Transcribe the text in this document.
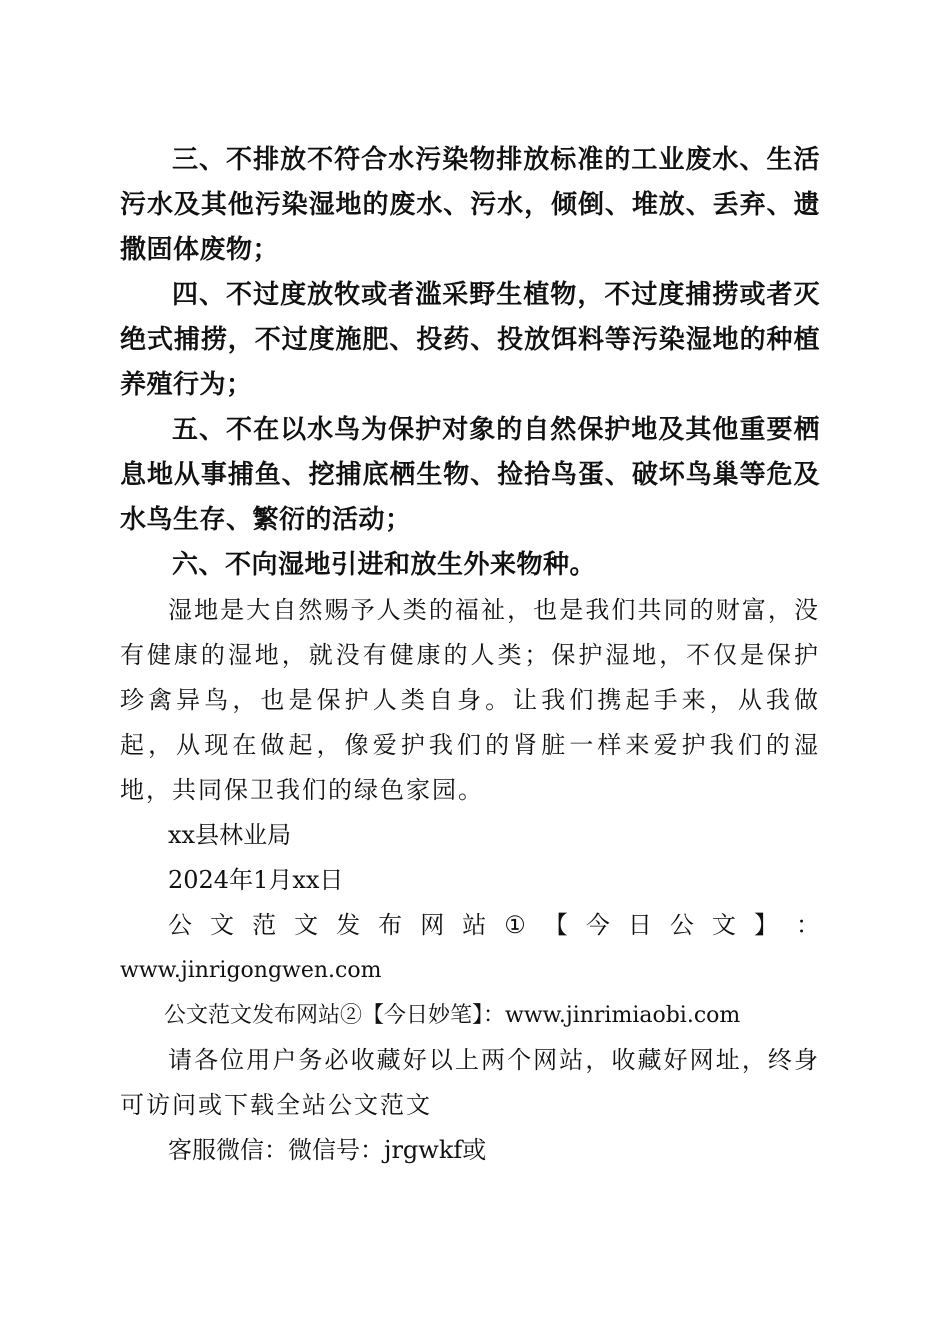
三、不排放不符合水污染物排放标准的工业废水、生活污水及其他污染湿地的废水、污水，倾倒、堆放、丢弃、遗撒固体废物；

四、不过度放牧或者滥采野生植物，不过度捕捞或者灭绝式捕捞，不过度施肥、投药、投放饵料等污染湿地的种植养殖行为；

五、不在以水鸟为保护对象的自然保护地及其他重要栖息地从事捕鱼、挖捕底栖生物、捡拾鸟蛋、破坏鸟巢等危及水鸟生存、繁衍的活动；

六、不向湿地引进和放生外来物种。

湿地是大自然赐予人类的福祉，也是我们共同的财富，没有健康的湿地，就没有健康的人类；保护湿地，不仅是保护珍禽异鸟，也是保护人类自身。让我们携起手来，从我做起，从现在做起，像爱护我们的肾脏一样来爱护我们的湿地，共同保卫我们的绿色家园。

xx县林业局

2024年1月xx日

公 文 范 文 发 布 网 站 ① 【 今 日 公 文 】 ：

www.jinrigongwen.com

公文范文发布网站②【今日妙笔】：www.jinrimiaobi.com

请各位用户务必收藏好以上两个网站，收藏好网址，终身可访问或下载全站公文范文

客服微信：微信号：jrgwkf或
